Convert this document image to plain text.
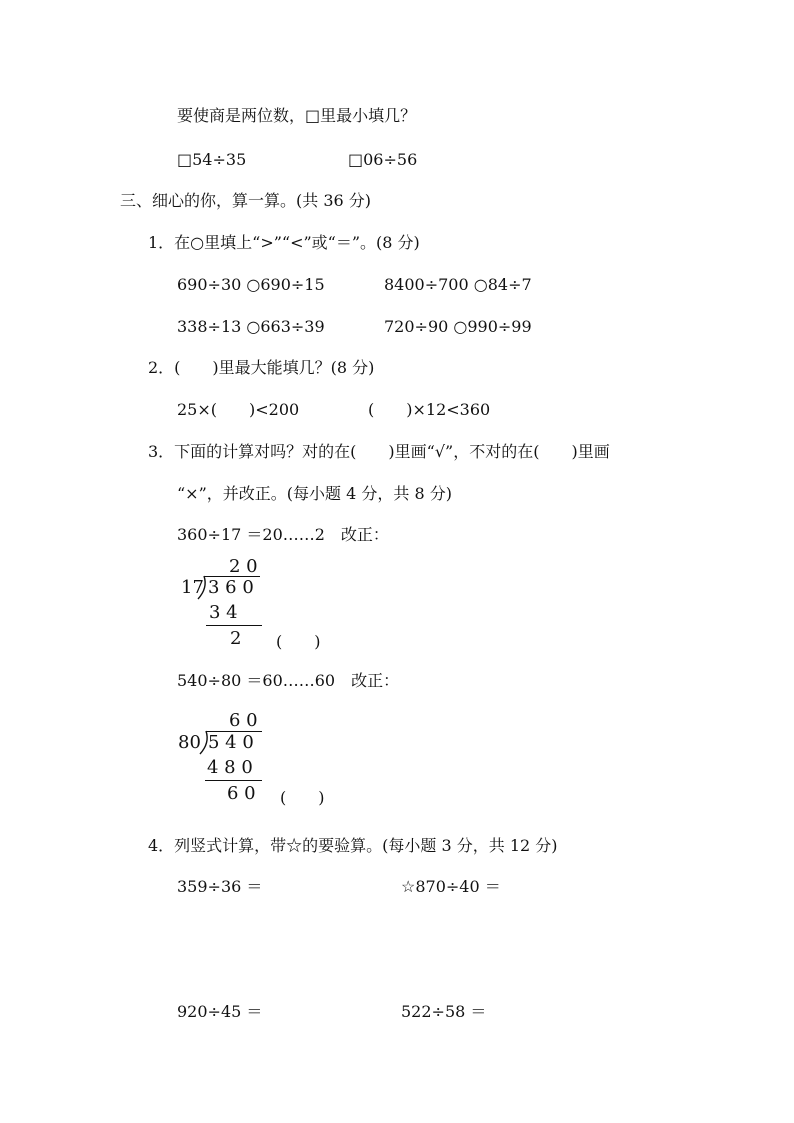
要使商是两位数，□里最小填几？
□54÷35	□06÷56
三、细心的你，算一算。(共 36 分)
1．在○里填上“>”“<”或“＝”。(8 分)
690÷30 ○690÷15	8400÷700 ○84÷7
338÷13 ○663÷39	720÷90 ○990÷99
2．(　　)里最大能填几？(8 分)
25×(　　)<200	(　　)×12<360
3．下面的计算对吗？对的在(　　)里画“√”，不对的在(　　)里画
“×”，并改正。(每小题 4 分，共 8 分)
360÷17 ＝20……2　改正：
2 0
17 3 6 0
3 4
2 (　　)
540÷80 ＝60……60　改正：
6 0
80 5 4 0
4 8 0
6 0 (　　)
4．列竖式计算，带☆的要验算。(每小题 3 分，共 12 分)
359÷36 ＝	☆870÷40 ＝
920÷45 ＝	522÷58 ＝
